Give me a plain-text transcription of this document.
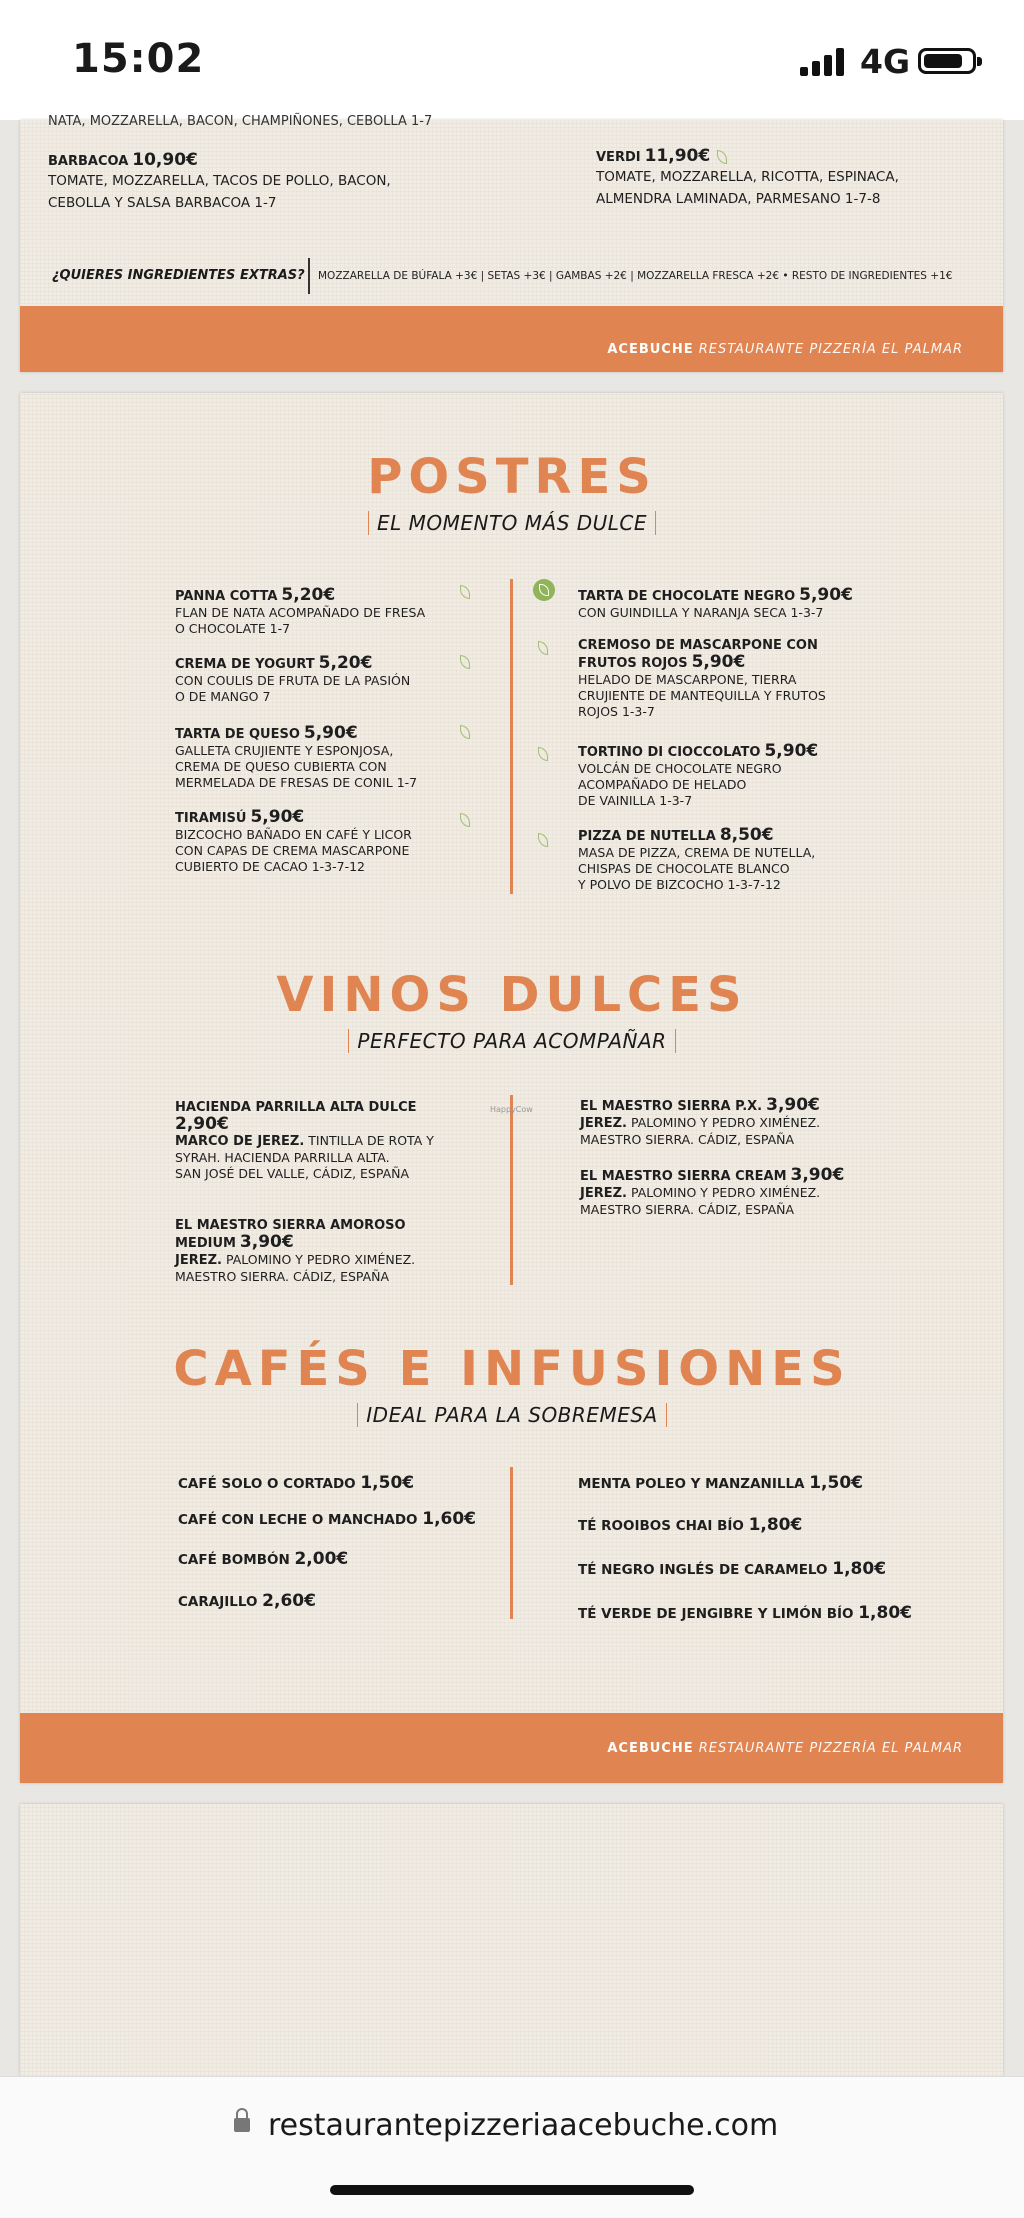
15:02	4G
NATA, MOZZARELLA, BACON, CHAMPIÑONES, CEBOLLA 1-7
BARBACOA 10,90€
TOMATE, MOZZARELLA, TACOS DE POLLO, BACON,
CEBOLLA Y SALSA BARBACOA 1-7
VERDI 11,90€
TOMATE, MOZZARELLA, RICOTTA, ESPINACA,
ALMENDRA LAMINADA, PARMESANO 1-7-8
¿QUIERES INGREDIENTES EXTRAS? MOZZARELLA DE BÚFALA +3€ | SETAS +3€ | GAMBAS +2€ | MOZZARELLA FRESCA +2€ • RESTO DE INGREDIENTES +1€
ACEBUCHE RESTAURANTE PIZZERÍA EL PALMAR
POSTRES
EL MOMENTO MÁS DULCE
PANNA COTTA 5,20€
FLAN DE NATA ACOMPAÑADO DE FRESA
O CHOCOLATE 1-7
CREMA DE YOGURT 5,20€
CON COULIS DE FRUTA DE LA PASIÓN
O DE MANGO 7
TARTA DE QUESO 5,90€
GALLETA CRUJIENTE Y ESPONJOSA,
CREMA DE QUESO CUBIERTA CON
MERMELADA DE FRESAS DE CONIL 1-7
TIRAMISÚ 5,90€
BIZCOCHO BAÑADO EN CAFÉ Y LICOR
CON CAPAS DE CREMA MASCARPONE
CUBIERTO DE CACAO 1-3-7-12
TARTA DE CHOCOLATE NEGRO 5,90€
CON GUINDILLA Y NARANJA SECA 1-3-7
CREMOSO DE MASCARPONE CON
FRUTOS ROJOS 5,90€
HELADO DE MASCARPONE, TIERRA
CRUJIENTE DE MANTEQUILLA Y FRUTOS
ROJOS 1-3-7
TORTINO DI CIOCCOLATO 5,90€
VOLCÁN DE CHOCOLATE NEGRO
ACOMPAÑADO DE HELADO
DE VAINILLA 1-3-7
PIZZA DE NUTELLA 8,50€
MASA DE PIZZA, CREMA DE NUTELLA,
CHISPAS DE CHOCOLATE BLANCO
Y POLVO DE BIZCOCHO 1-3-7-12
VINOS DULCES
PERFECTO PARA ACOMPAÑAR
HappyCow
HACIENDA PARRILLA ALTA DULCE
2,90€
MARCO DE JEREZ. TINTILLA DE ROTA Y
SYRAH. HACIENDA PARRILLA ALTA.
SAN JOSÉ DEL VALLE, CÁDIZ, ESPAÑA
EL MAESTRO SIERRA AMOROSO
MEDIUM 3,90€
JEREZ. PALOMINO Y PEDRO XIMÉNEZ.
MAESTRO SIERRA. CÁDIZ, ESPAÑA
EL MAESTRO SIERRA P.X. 3,90€
JEREZ. PALOMINO Y PEDRO XIMÉNEZ.
MAESTRO SIERRA. CÁDIZ, ESPAÑA
EL MAESTRO SIERRA CREAM 3,90€
JEREZ. PALOMINO Y PEDRO XIMÉNEZ.
MAESTRO SIERRA. CÁDIZ, ESPAÑA
CAFÉS E INFUSIONES
IDEAL PARA LA SOBREMESA
CAFÉ SOLO O CORTADO 1,50€
CAFÉ CON LECHE O MANCHADO 1,60€
CAFÉ BOMBÓN 2,00€
CARAJILLO 2,60€
MENTA POLEO Y MANZANILLA 1,50€
TÉ ROOIBOS CHAI BÍO 1,80€
TÉ NEGRO INGLÉS DE CARAMELO 1,80€
TÉ VERDE DE JENGIBRE Y LIMÓN BÍO 1,80€
ACEBUCHE RESTAURANTE PIZZERÍA EL PALMAR
restaurantepizzeriaacebuche.com
